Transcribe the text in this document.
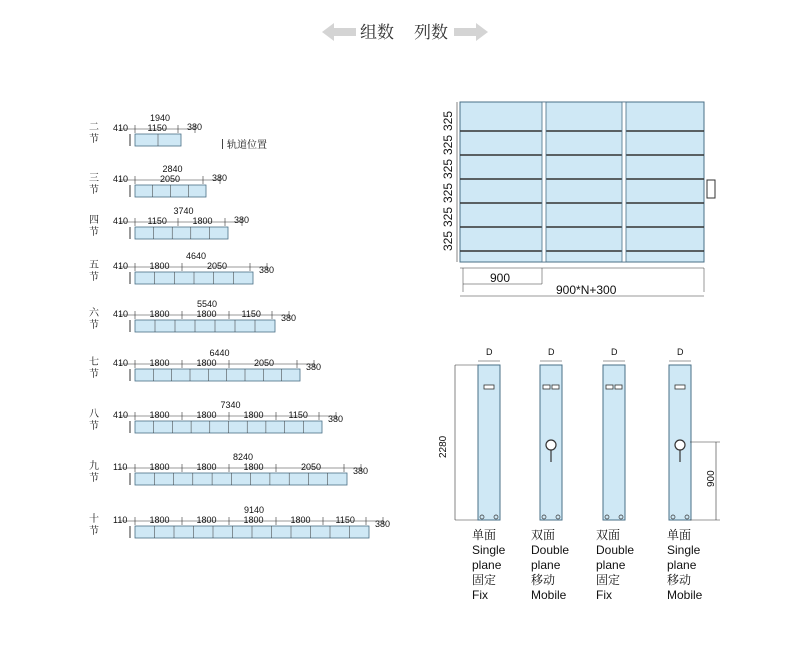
组数 列数
轨道位置
1940
410 1150 380
2840
410	2050	380
3740
410 1150	1800 380
4640
410 1800	2050	380
5540
410 1800	1800	1150 380
6440
410 1800	1800	2050	380
7340
410 1800	1800	1800	1150 380
8240
110 1800	1800	1800	2050	380
9140
110 1800	1800	1800	1800	1150 380
325
325
325
325
325
325
900
900*N+300
2280
D	D	D	D
900
单面
Single
plane
固定
Fix
双面
Double
plane
移动
Mobile
双面
Double
plane
固定
Fix
单面
Single
plane
移动
Mobile
二
节
三
节
四
节
五
节
六
节
七
节
八
节
九
节
十
节
